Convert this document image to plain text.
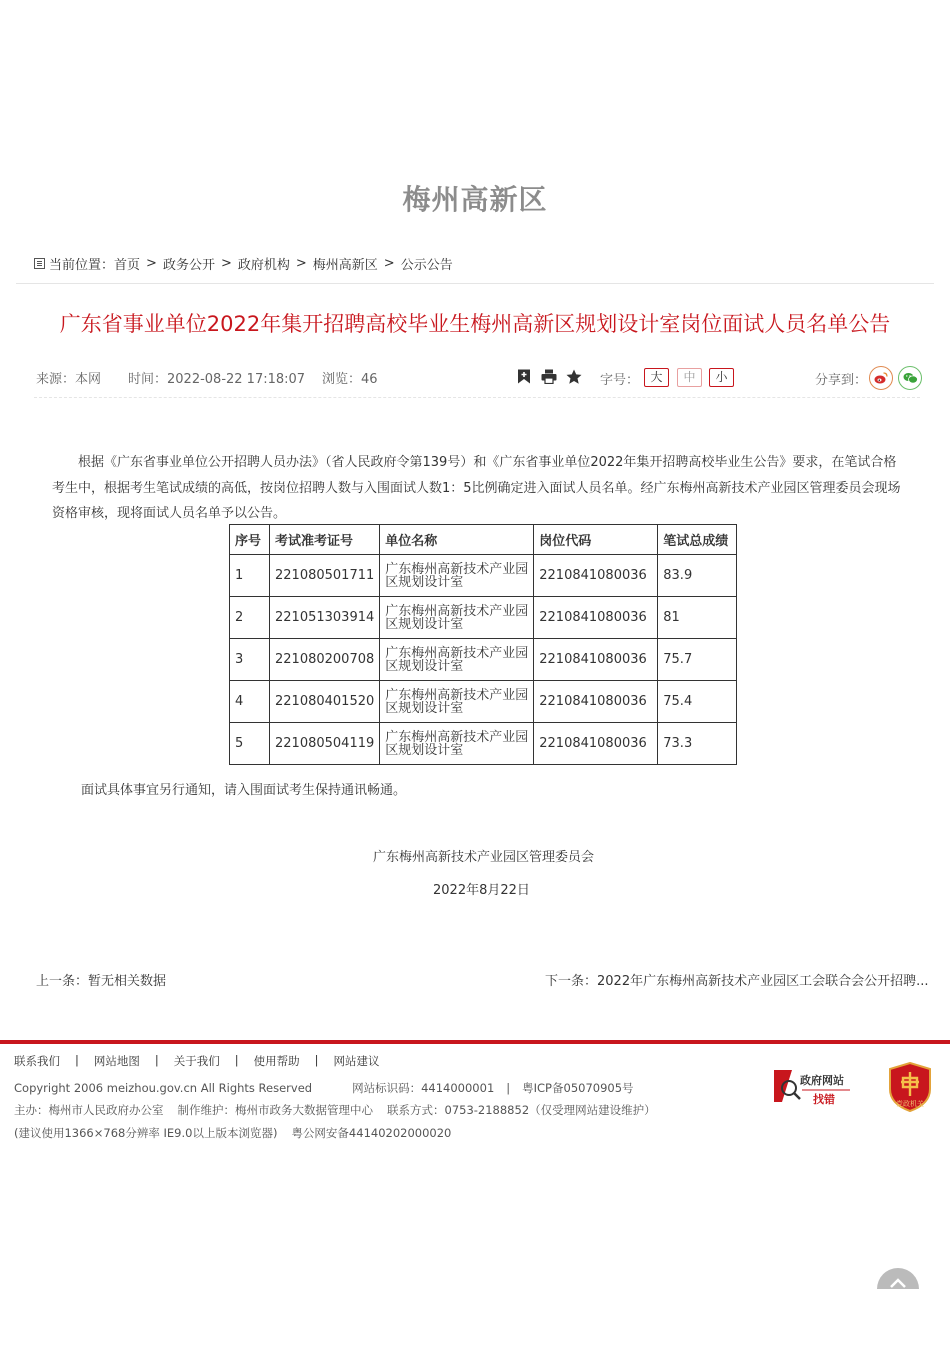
梅州高新区
当前位置： 首页 > 政务公开 > 政府机构 > 梅州高新区 > 公示公告
广东省事业单位2022年集开招聘高校毕业生梅州高新区规划设计室岗位面试人员名单公告
来源：本网 时间：2022-08-22 17:18:07 浏览：46	字号： 大	中	小	分享到：
根据《广东省事业单位公开招聘人员办法》（省人民政府令第139号）和《广东省事业单位2022年集开招聘高校毕业生公告》要求，在笔试合格考生中，根据考生笔试成绩的高低，按岗位招聘人数与入围面试人数1：5比例确定进入面试人员名单。经广东梅州高新技术产业园区管理委员会现场资格审核，现将面试人员名单予以公告。
序号	考试准考证号	单位名称	岗位代码	笔试总成绩
1	221080501711	广东梅州高新技术产业园区规划设计室	2210841080036	83.9
2	221051303914	广东梅州高新技术产业园区规划设计室	2210841080036	81
3	221080200708	广东梅州高新技术产业园区规划设计室	2210841080036	75.7
4	221080401520	广东梅州高新技术产业园区规划设计室	2210841080036	75.4
5	221080504119	广东梅州高新技术产业园区规划设计室	2210841080036	73.3
面试具体事宜另行通知，请入围面试考生保持通讯畅通。
广东梅州高新技术产业园区管理委员会
2022年8月22日
上一条：暂无相关数据	下一条：2022年广东梅州高新技术产业园区工会联合会公开招聘...
联系我们 | 网站地图 | 关于我们 | 使用帮助 | 网站建议
Copyright 2006 meizhou.gov.cn All Rights Reserved	网站标识码：4414000001 | 粤ICP备05070905号
主办：梅州市人民政府办公室 制作维护：梅州市政务大数据管理中心 联系方式：0753-2188852（仅受理网站建设维护）
(建议使用1366×768分辨率 IE9.0以上版本浏览器) 粤公网安备44140202000020
政府网站
找错	党政机关
